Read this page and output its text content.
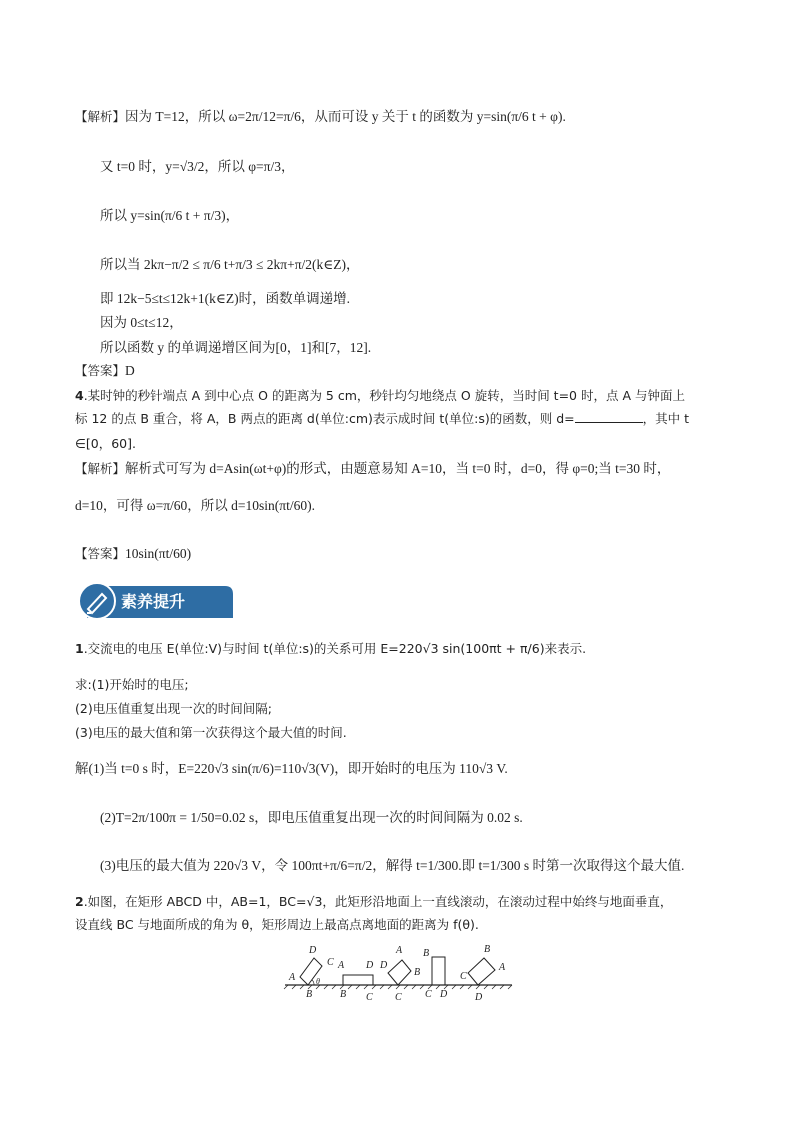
【解析】因为 T=12，所以 ω=2π/12=π/6，从而可设 y 关于 t 的函数为 y=sin(π/6 t + φ).
又 t=0 时，y=√3/2，所以 φ=π/3，
所以 y=sin(π/6 t + π/3)，
所以当 2kπ−π/2 ≤ π/6 t+π/3 ≤ 2kπ+π/2(k∈Z)，
即 12k−5≤t≤12k+1(k∈Z)时，函数单调递增.
因为 0≤t≤12，
所以函数 y 的单调递增区间为[0，1]和[7，12].
【答案】D
4.某时钟的秒针端点 A 到中心点 O 的距离为 5 cm，秒针均匀地绕点 O 旋转，当时间 t=0 时，点 A 与钟面上
标 12 的点 B 重合，将 A，B 两点的距离 d(单位:cm)表示成时间 t(单位:s)的函数，则 d=	，其中 t
∈[0，60].
【解析】解析式可写为 d=Asin(ωt+φ)的形式，由题意易知 A=10，当 t=0 时，d=0，得 φ=0;当 t=30 时，
d=10，可得 ω=π/60，所以 d=10sin(πt/60).
【答案】10sin(πt/60)
素养提升
1.交流电的电压 E(单位:V)与时间 t(单位:s)的关系可用 E=220√3 sin(100πt + π/6)来表示.
求:(1)开始时的电压;
(2)电压值重复出现一次的时间间隔;
(3)电压的最大值和第一次获得这个最大值的时间.
解(1)当 t=0 s 时，E=220√3 sin(π/6)=110√3(V)，即开始时的电压为 110√3 V.
(2)T=2π/100π = 1/50=0.02 s，即电压值重复出现一次的时间间隔为 0.02 s.
(3)电压的最大值为 220√3 V，令 100πt+π/6=π/2，解得 t=1/300.即 t=1/300 s 时第一次取得这个最大值.
2.如图，在矩形 ABCD 中，AB=1，BC=√3，此矩形沿地面上一直线滚动，在滚动过程中始终与地面垂直，
设直线 BC 与地面所成的角为 θ，矩形周边上最高点离地面的距离为 f(θ).
A
D
C
B
θ
A D
B C
A
D
C
B
B
C D
B
C
A
D
